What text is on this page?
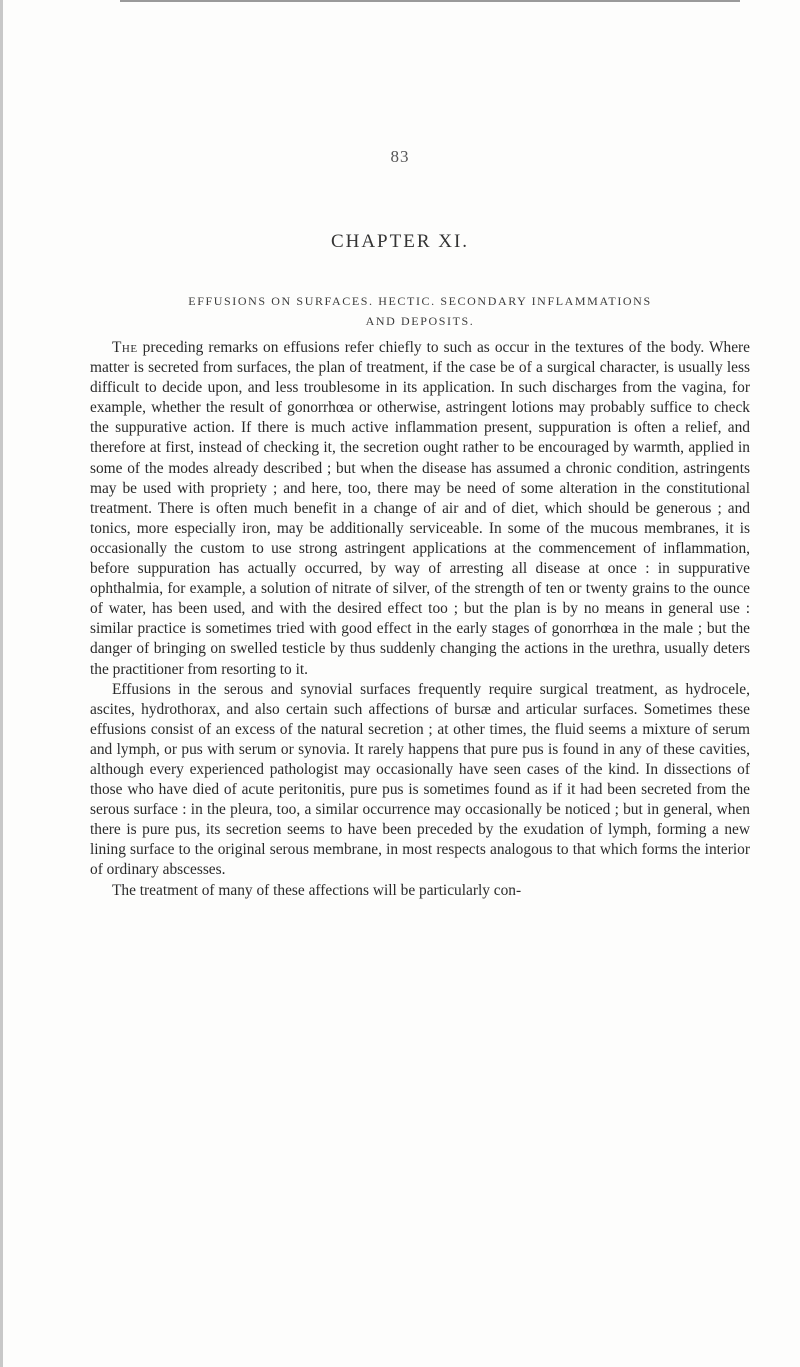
83
CHAPTER XI.
EFFUSIONS ON SURFACES. HECTIC. SECONDARY INFLAMMATIONS
AND DEPOSITS.

The preceding remarks on effusions refer chiefly to such as occur in the textures of the body. Where matter is secreted from surfaces, the plan of treatment, if the case be of a surgical character, is usually less difficult to decide upon, and less troublesome in its application. In such discharges from the vagina, for example, whether the result of gonorrhœa or otherwise, astringent lotions may probably suffice to check the suppurative action. If there is much active inflammation present, suppuration is often a relief, and therefore at first, instead of checking it, the secretion ought rather to be encouraged by warmth, applied in some of the modes already described ; but when the disease has assumed a chronic condition, astringents may be used with propriety ; and here, too, there may be need of some alteration in the constitutional treatment. There is often much benefit in a change of air and of diet, which should be generous ; and tonics, more especially iron, may be additionally serviceable. In some of the mucous membranes, it is occasionally the custom to use strong astringent applications at the commencement of inflammation, before suppuration has actually occurred, by way of arresting all disease at once : in suppurative ophthalmia, for example, a solution of nitrate of silver, of the strength of ten or twenty grains to the ounce of water, has been used, and with the desired effect too ; but the plan is by no means in general use : similar practice is sometimes tried with good effect in the early stages of gonorrhœa in the male ; but the danger of bringing on swelled testicle by thus suddenly changing the actions in the urethra, usually deters the practitioner from resorting to it.

Effusions in the serous and synovial surfaces frequently require surgical treatment, as hydrocele, ascites, hydrothorax, and also certain such affections of bursæ and articular surfaces. Sometimes these effusions consist of an excess of the natural secretion ; at other times, the fluid seems a mixture of serum and lymph, or pus with serum or synovia. It rarely happens that pure pus is found in any of these cavities, although every experienced pathologist may occasionally have seen cases of the kind. In dissections of those who have died of acute peritonitis, pure pus is sometimes found as if it had been secreted from the serous surface : in the pleura, too, a similar occurrence may occasionally be noticed ; but in general, when there is pure pus, its secretion seems to have been preceded by the exudation of lymph, forming a new lining surface to the original serous membrane, in most respects analogous to that which forms the interior of ordinary abscesses.

The treatment of many of these affections will be particularly con-
